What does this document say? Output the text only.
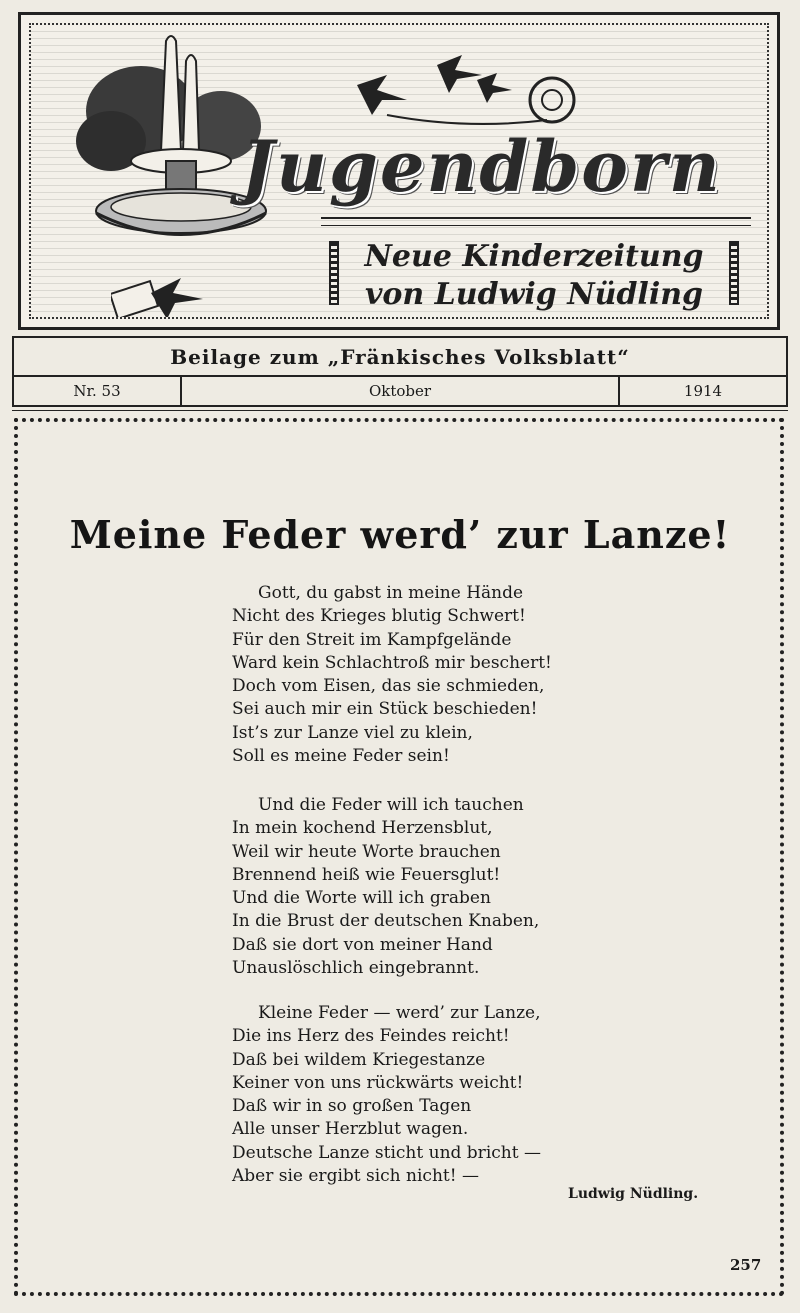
Jugendborn
Neue Kinderzeitung
von Ludwig Nüdling
Beilage zum „Fränkisches Volksblatt“
Nr. 53	Oktober	1914
Meine Feder werd’ zur Lanze!
Gott, du gabst in meine Hände
Nicht des Krieges blutig Schwert!
Für den Streit im Kampfgelände
Ward kein Schlachtroß mir beschert!
Doch vom Eisen, das sie schmieden,
Sei auch mir ein Stück beschieden!
Ist’s zur Lanze viel zu klein,
Soll es meine Feder sein!
Und die Feder will ich tauchen
In mein kochend Herzensblut,
Weil wir heute Worte brauchen
Brennend heiß wie Feuersglut!
Und die Worte will ich graben
In die Brust der deutschen Knaben,
Daß sie dort von meiner Hand
Unauslöschlich eingebrannt.
Kleine Feder — werd’ zur Lanze,
Die ins Herz des Feindes reicht!
Daß bei wildem Kriegestanze
Keiner von uns rückwärts weicht!
Daß wir in so großen Tagen
Alle unser Herzblut wagen.
Deutsche Lanze sticht und bricht —
Aber sie ergibt sich nicht! —
Ludwig Nüdling.
257
